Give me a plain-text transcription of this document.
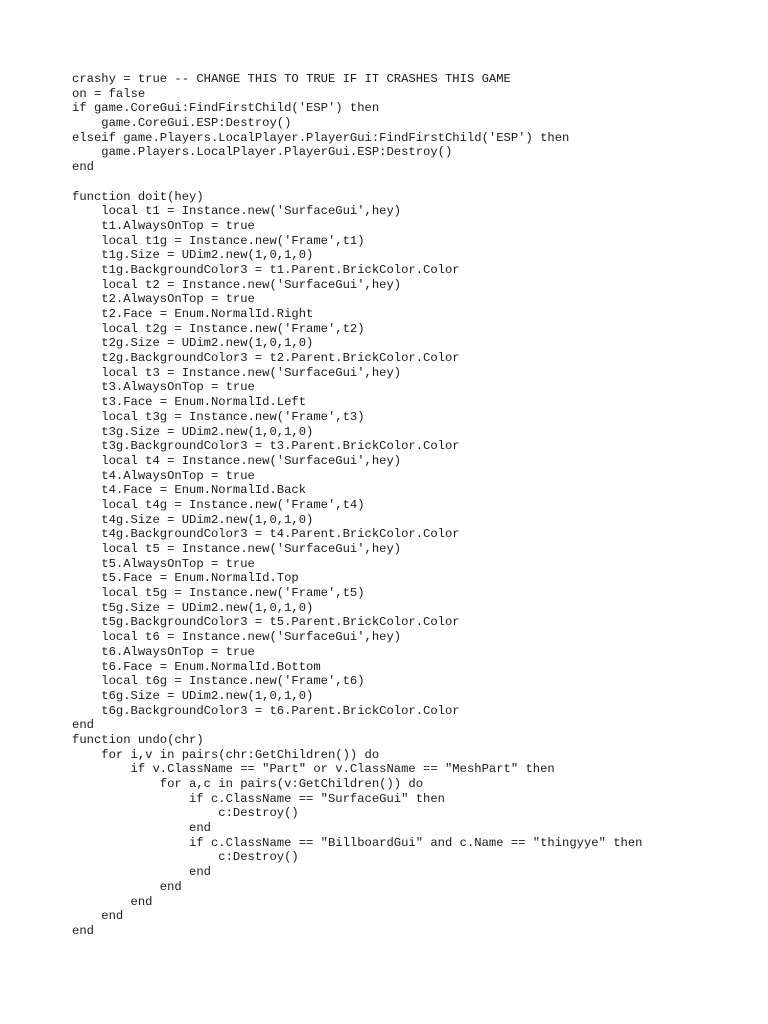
crashy = true -- CHANGE THIS TO TRUE IF IT CRASHES THIS GAME
on = false
if game.CoreGui:FindFirstChild('ESP') then
game.CoreGui.ESP:Destroy()
elseif game.Players.LocalPlayer.PlayerGui:FindFirstChild('ESP') then
game.Players.LocalPlayer.PlayerGui.ESP:Destroy()
end
function doit(hey)
local t1 = Instance.new('SurfaceGui',hey)
t1.AlwaysOnTop = true
local t1g = Instance.new('Frame',t1)
t1g.Size = UDim2.new(1,0,1,0)
t1g.BackgroundColor3 = t1.Parent.BrickColor.Color
local t2 = Instance.new('SurfaceGui',hey)
t2.AlwaysOnTop = true
t2.Face = Enum.NormalId.Right
local t2g = Instance.new('Frame',t2)
t2g.Size = UDim2.new(1,0,1,0)
t2g.BackgroundColor3 = t2.Parent.BrickColor.Color
local t3 = Instance.new('SurfaceGui',hey)
t3.AlwaysOnTop = true
t3.Face = Enum.NormalId.Left
local t3g = Instance.new('Frame',t3)
t3g.Size = UDim2.new(1,0,1,0)
t3g.BackgroundColor3 = t3.Parent.BrickColor.Color
local t4 = Instance.new('SurfaceGui',hey)
t4.AlwaysOnTop = true
t4.Face = Enum.NormalId.Back
local t4g = Instance.new('Frame',t4)
t4g.Size = UDim2.new(1,0,1,0)
t4g.BackgroundColor3 = t4.Parent.BrickColor.Color
local t5 = Instance.new('SurfaceGui',hey)
t5.AlwaysOnTop = true
t5.Face = Enum.NormalId.Top
local t5g = Instance.new('Frame',t5)
t5g.Size = UDim2.new(1,0,1,0)
t5g.BackgroundColor3 = t5.Parent.BrickColor.Color
local t6 = Instance.new('SurfaceGui',hey)
t6.AlwaysOnTop = true
t6.Face = Enum.NormalId.Bottom
local t6g = Instance.new('Frame',t6)
t6g.Size = UDim2.new(1,0,1,0)
t6g.BackgroundColor3 = t6.Parent.BrickColor.Color
end
function undo(chr)
for i,v in pairs(chr:GetChildren()) do
if v.ClassName == "Part" or v.ClassName == "MeshPart" then
for a,c in pairs(v:GetChildren()) do
if c.ClassName == "SurfaceGui" then
c:Destroy()
end
if c.ClassName == "BillboardGui" and c.Name == "thingyye" then
c:Destroy()
end
end
end
end
end
